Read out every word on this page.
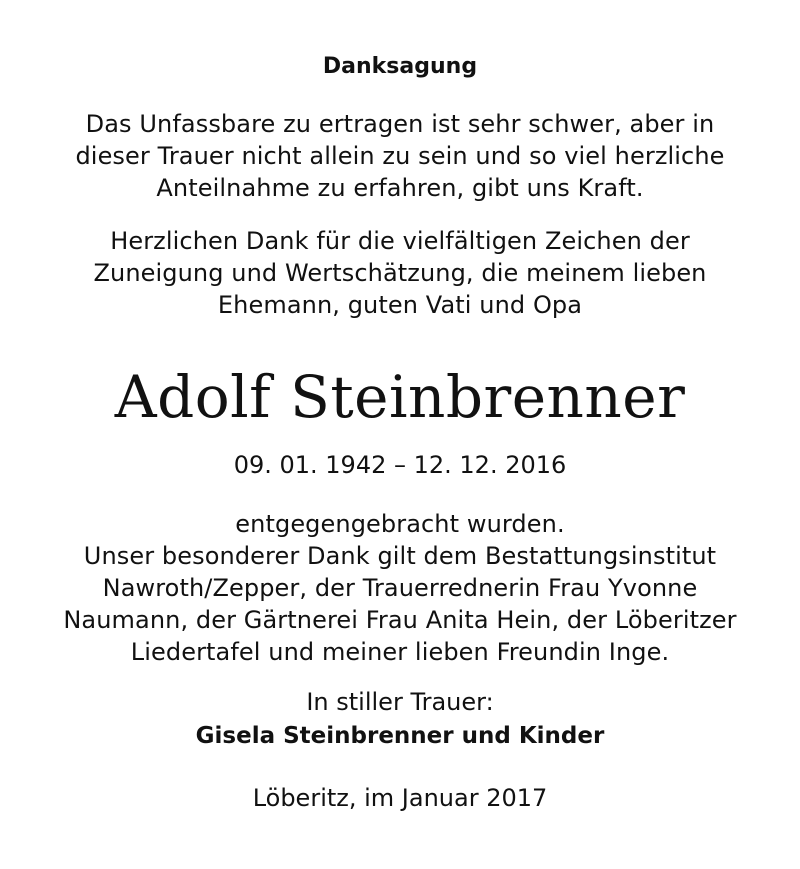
Danksagung
Das Unfassbare zu ertragen ist sehr schwer, aber in
dieser Trauer nicht allein zu sein und so viel herzliche
Anteilnahme zu erfahren, gibt uns Kraft.
Herzlichen Dank für die vielfältigen Zeichen der
Zuneigung und Wertschätzung, die meinem lieben
Ehemann, guten Vati und Opa
Adolf Steinbrenner
09. 01. 1942 – 12. 12. 2016
entgegengebracht wurden.
Unser besonderer Dank gilt dem Bestattungsinstitut
Nawroth/Zepper, der Trauerrednerin Frau Yvonne
Naumann, der Gärtnerei Frau Anita Hein, der Löberitzer
Liedertafel und meiner lieben Freundin Inge.
In stiller Trauer:
Gisela Steinbrenner und Kinder
Löberitz, im Januar 2017
